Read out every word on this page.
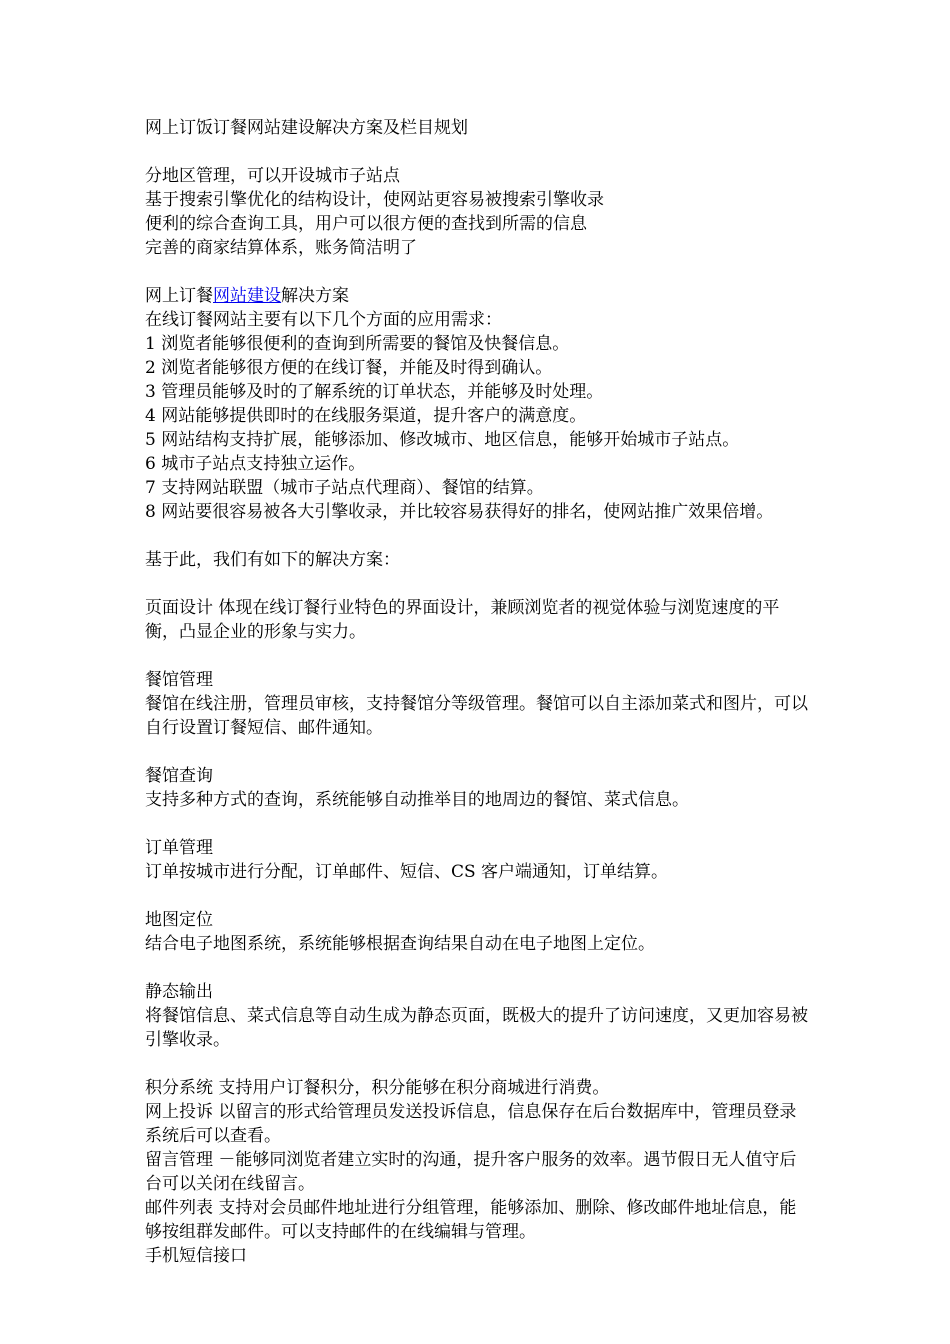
网上订饭订餐网站建设解决方案及栏目规划
分地区管理，可以开设城市子站点
基于搜索引擎优化的结构设计，使网站更容易被搜索引擎收录
便利的综合查询工具，用户可以很方便的查找到所需的信息
完善的商家结算体系，账务简洁明了
网上订餐网站建设解决方案
在线订餐网站主要有以下几个方面的应用需求：
1 浏览者能够很便利的查询到所需要的餐馆及快餐信息。
2 浏览者能够很方便的在线订餐，并能及时得到确认。
3 管理员能够及时的了解系统的订单状态，并能够及时处理。
4 网站能够提供即时的在线服务渠道，提升客户的满意度。
5 网站结构支持扩展，能够添加、修改城市、地区信息，能够开始城市子站点。
6 城市子站点支持独立运作。
7 支持网站联盟（城市子站点代理商）、餐馆的结算。
8 网站要很容易被各大引擎收录，并比较容易获得好的排名，使网站推广效果倍增。
基于此，我们有如下的解决方案：
页面设计 体现在线订餐行业特色的界面设计，兼顾浏览者的视觉体验与浏览速度的平衡，凸显企业的形象与实力。
餐馆管理
餐馆在线注册，管理员审核，支持餐馆分等级管理。餐馆可以自主添加菜式和图片，可以自行设置订餐短信、邮件通知。
餐馆查询
支持多种方式的查询，系统能够自动推举目的地周边的餐馆、菜式信息。
订单管理
订单按城市进行分配，订单邮件、短信、CS 客户端通知，订单结算。
地图定位
结合电子地图系统，系统能够根据查询结果自动在电子地图上定位。
静态输出
将餐馆信息、菜式信息等自动生成为静态页面，既极大的提升了访问速度，又更加容易被引擎收录。
积分系统 支持用户订餐积分，积分能够在积分商城进行消费。
网上投诉 以留言的形式给管理员发送投诉信息，信息保存在后台数据库中，管理员登录系统后可以查看。
留言管理 －能够同浏览者建立实时的沟通，提升客户服务的效率。遇节假日无人值守后台可以关闭在线留言。
邮件列表 支持对会员邮件地址进行分组管理，能够添加、删除、修改邮件地址信息，能够按组群发邮件。可以支持邮件的在线编辑与管理。
手机短信接口
